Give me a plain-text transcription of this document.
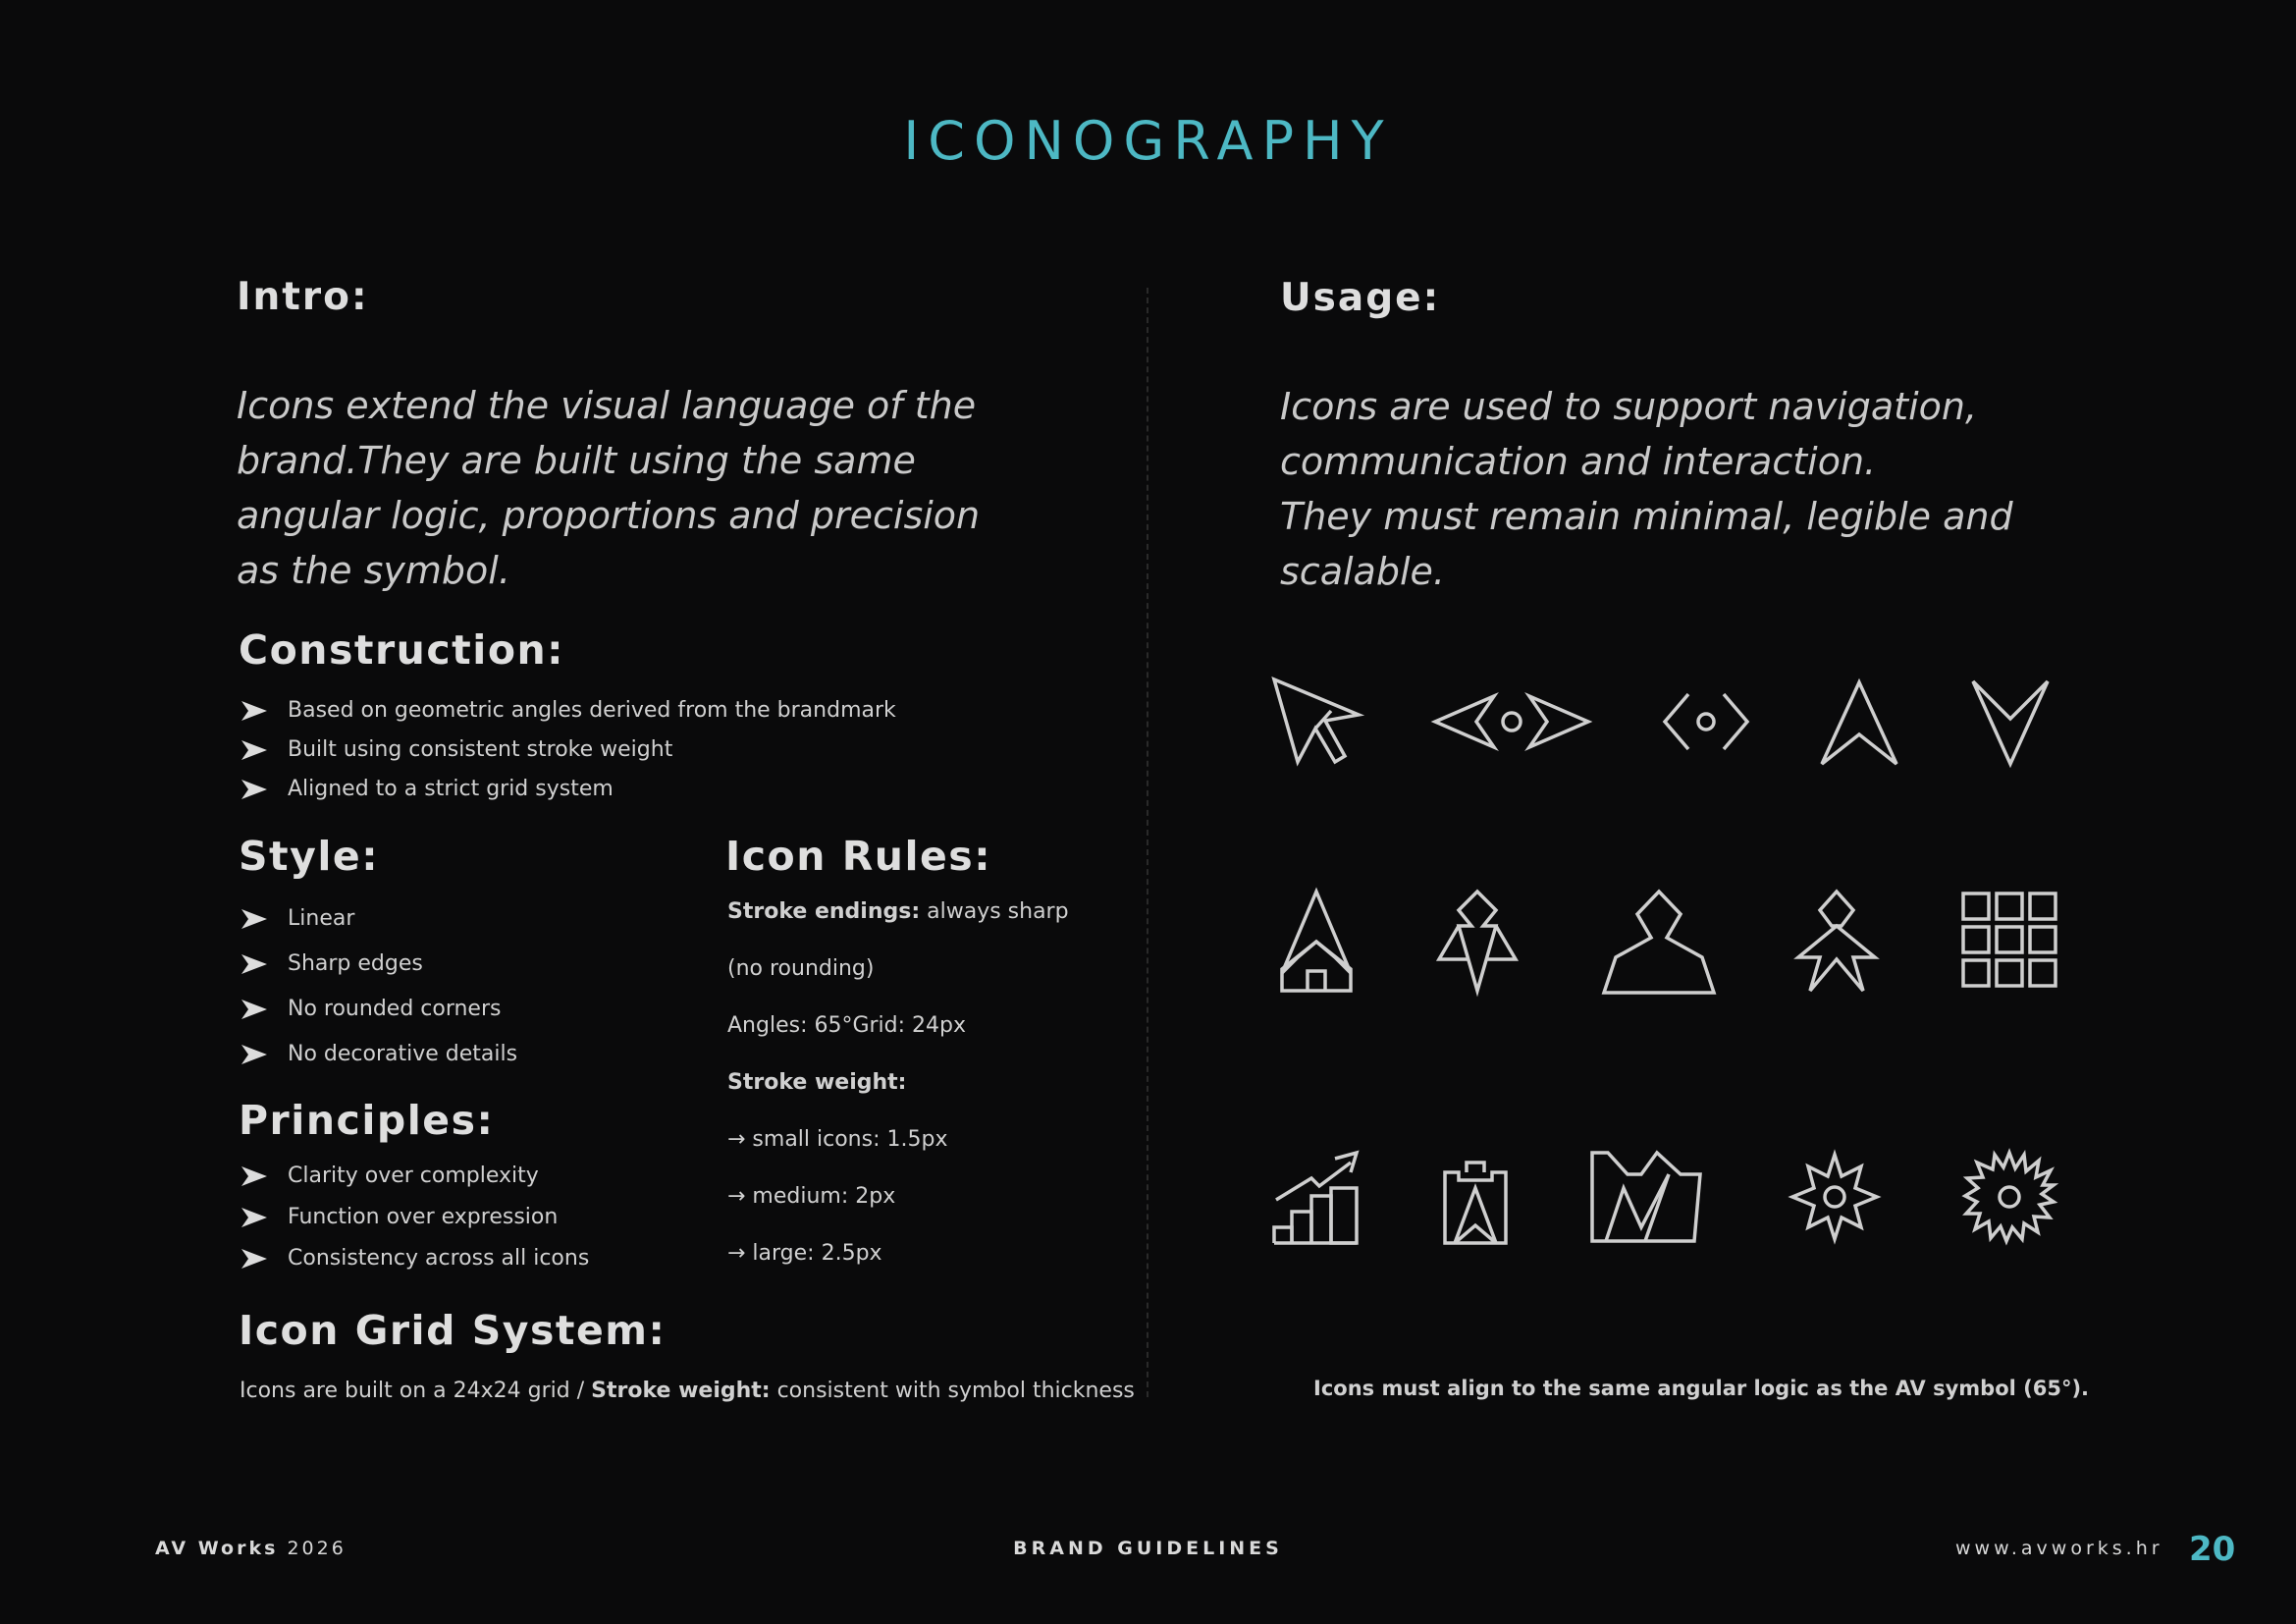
ICONOGRAPHY
Intro:
Icons extend the visual language of the brand.They are built using the same angular logic, proportions and precision as the symbol.
Construction:
Based on geometric angles derived from the brandmark
Built using consistent stroke weight
Aligned to a strict grid system
Style:
Linear
Sharp edges
No rounded corners
No decorative details
Principles:
Clarity over complexity
Function over expression
Consistency across all icons
Icon Rules:
Stroke endings: always sharp
(no rounding)
Angles: 65°Grid: 24px
Stroke weight:
→ small icons: 1.5px
→ medium: 2px
→ large: 2.5px
Icon Grid System:
Icons are built on a 24x24 grid / Stroke weight: consistent with symbol thickness
Usage:
Icons are used to support navigation, communication and interaction.
They must remain minimal, legible and scalable.
Icons must align to the same angular logic as the AV symbol (65°).
AV Works 2026	BRAND GUIDELINES	www.avworks.hr 20
